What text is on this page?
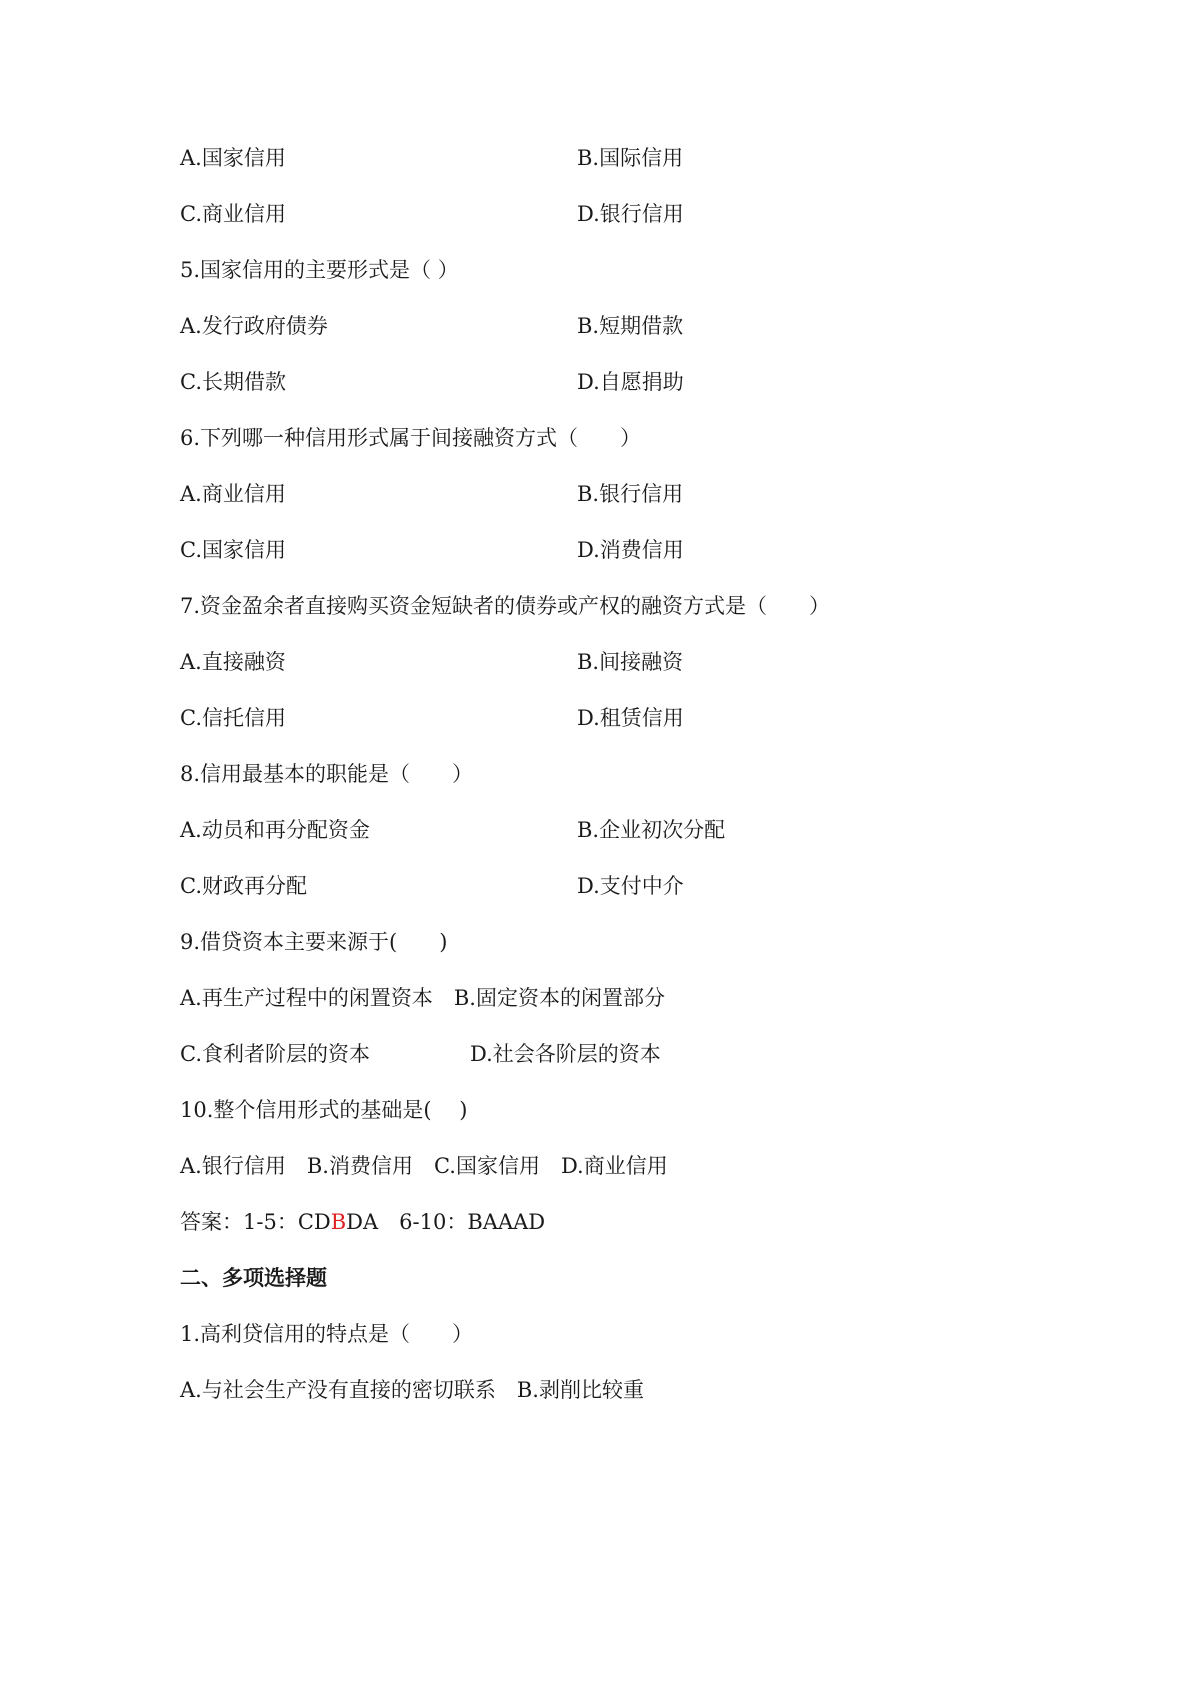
A.国家信用	B.国际信用
C.商业信用	D.银行信用
5.国家信用的主要形式是（ ）
A.发行政府债券	B.短期借款
C.长期借款	D.自愿捐助
6.下列哪一种信用形式属于间接融资方式（　　）
A.商业信用	B.银行信用
C.国家信用	D.消费信用
7.资金盈余者直接购买资金短缺者的债券或产权的融资方式是（　　）
A.直接融资	B.间接融资
C.信托信用	D.租赁信用
8.信用最基本的职能是（　　）
A.动员和再分配资金	B.企业初次分配
C.财政再分配	D.支付中介
9.借贷资本主要来源于(　　)
A.再生产过程中的闲置资本　B.固定资本的闲置部分
C.食利者阶层的资本	D.社会各阶层的资本
10.整个信用形式的基础是(　 )
A.银行信用　B.消费信用　C.国家信用　D.商业信用
答案：1-5：CDBDA　6-10：BAAAD
二、多项选择题
1.高利贷信用的特点是（　　）
A.与社会生产没有直接的密切联系　B.剥削比较重
